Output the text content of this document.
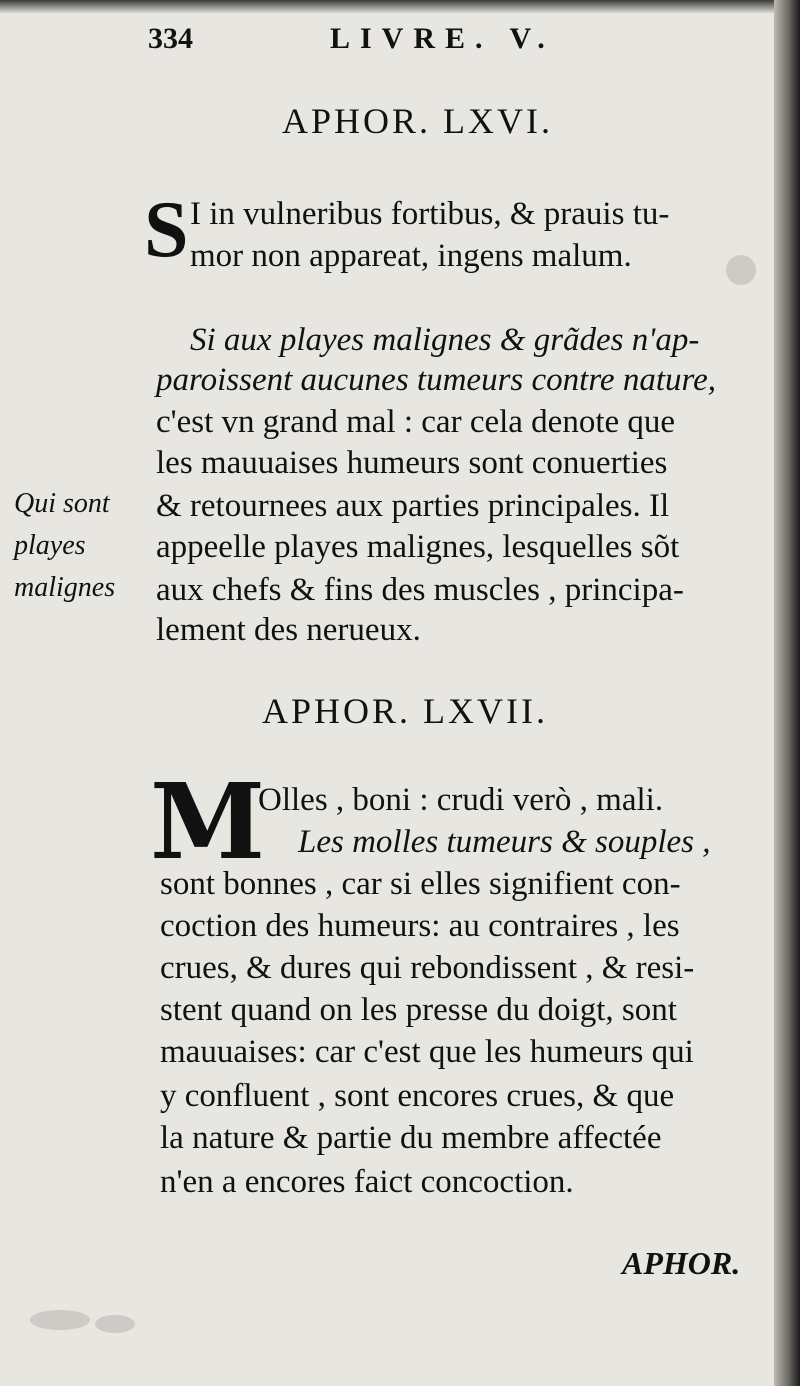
334	LIVRE. V.
APHOR. LXVI.
S I in vulneribus fortibus, & prauis tu-
mor non appareat, ingens malum.
Si aux playes malignes & grãdes n'ap-
paroissent aucunes tumeurs contre nature,
c'est vn grand mal : car cela denote que
les mauuaises humeurs sont conuerties
& retournees aux parties principales. Il
appeelle playes malignes, lesquelles sõt
aux chefs & fins des muscles , principa-
lement des nerueux.
Qui sont
playes
malignes
APHOR. LXVII.
M
Olles , boni : crudi verò , mali.
Les molles tumeurs & souples ,
sont bonnes , car si elles signifient con-
coction des humeurs: au contraires , les
crues, & dures qui rebondissent , & resi-
stent quand on les presse du doigt, sont
mauuaises: car c'est que les humeurs qui
y confluent , sont encores crues, & que
la nature & partie du membre affectée
n'en a encores faict concoction.
APHOR.
